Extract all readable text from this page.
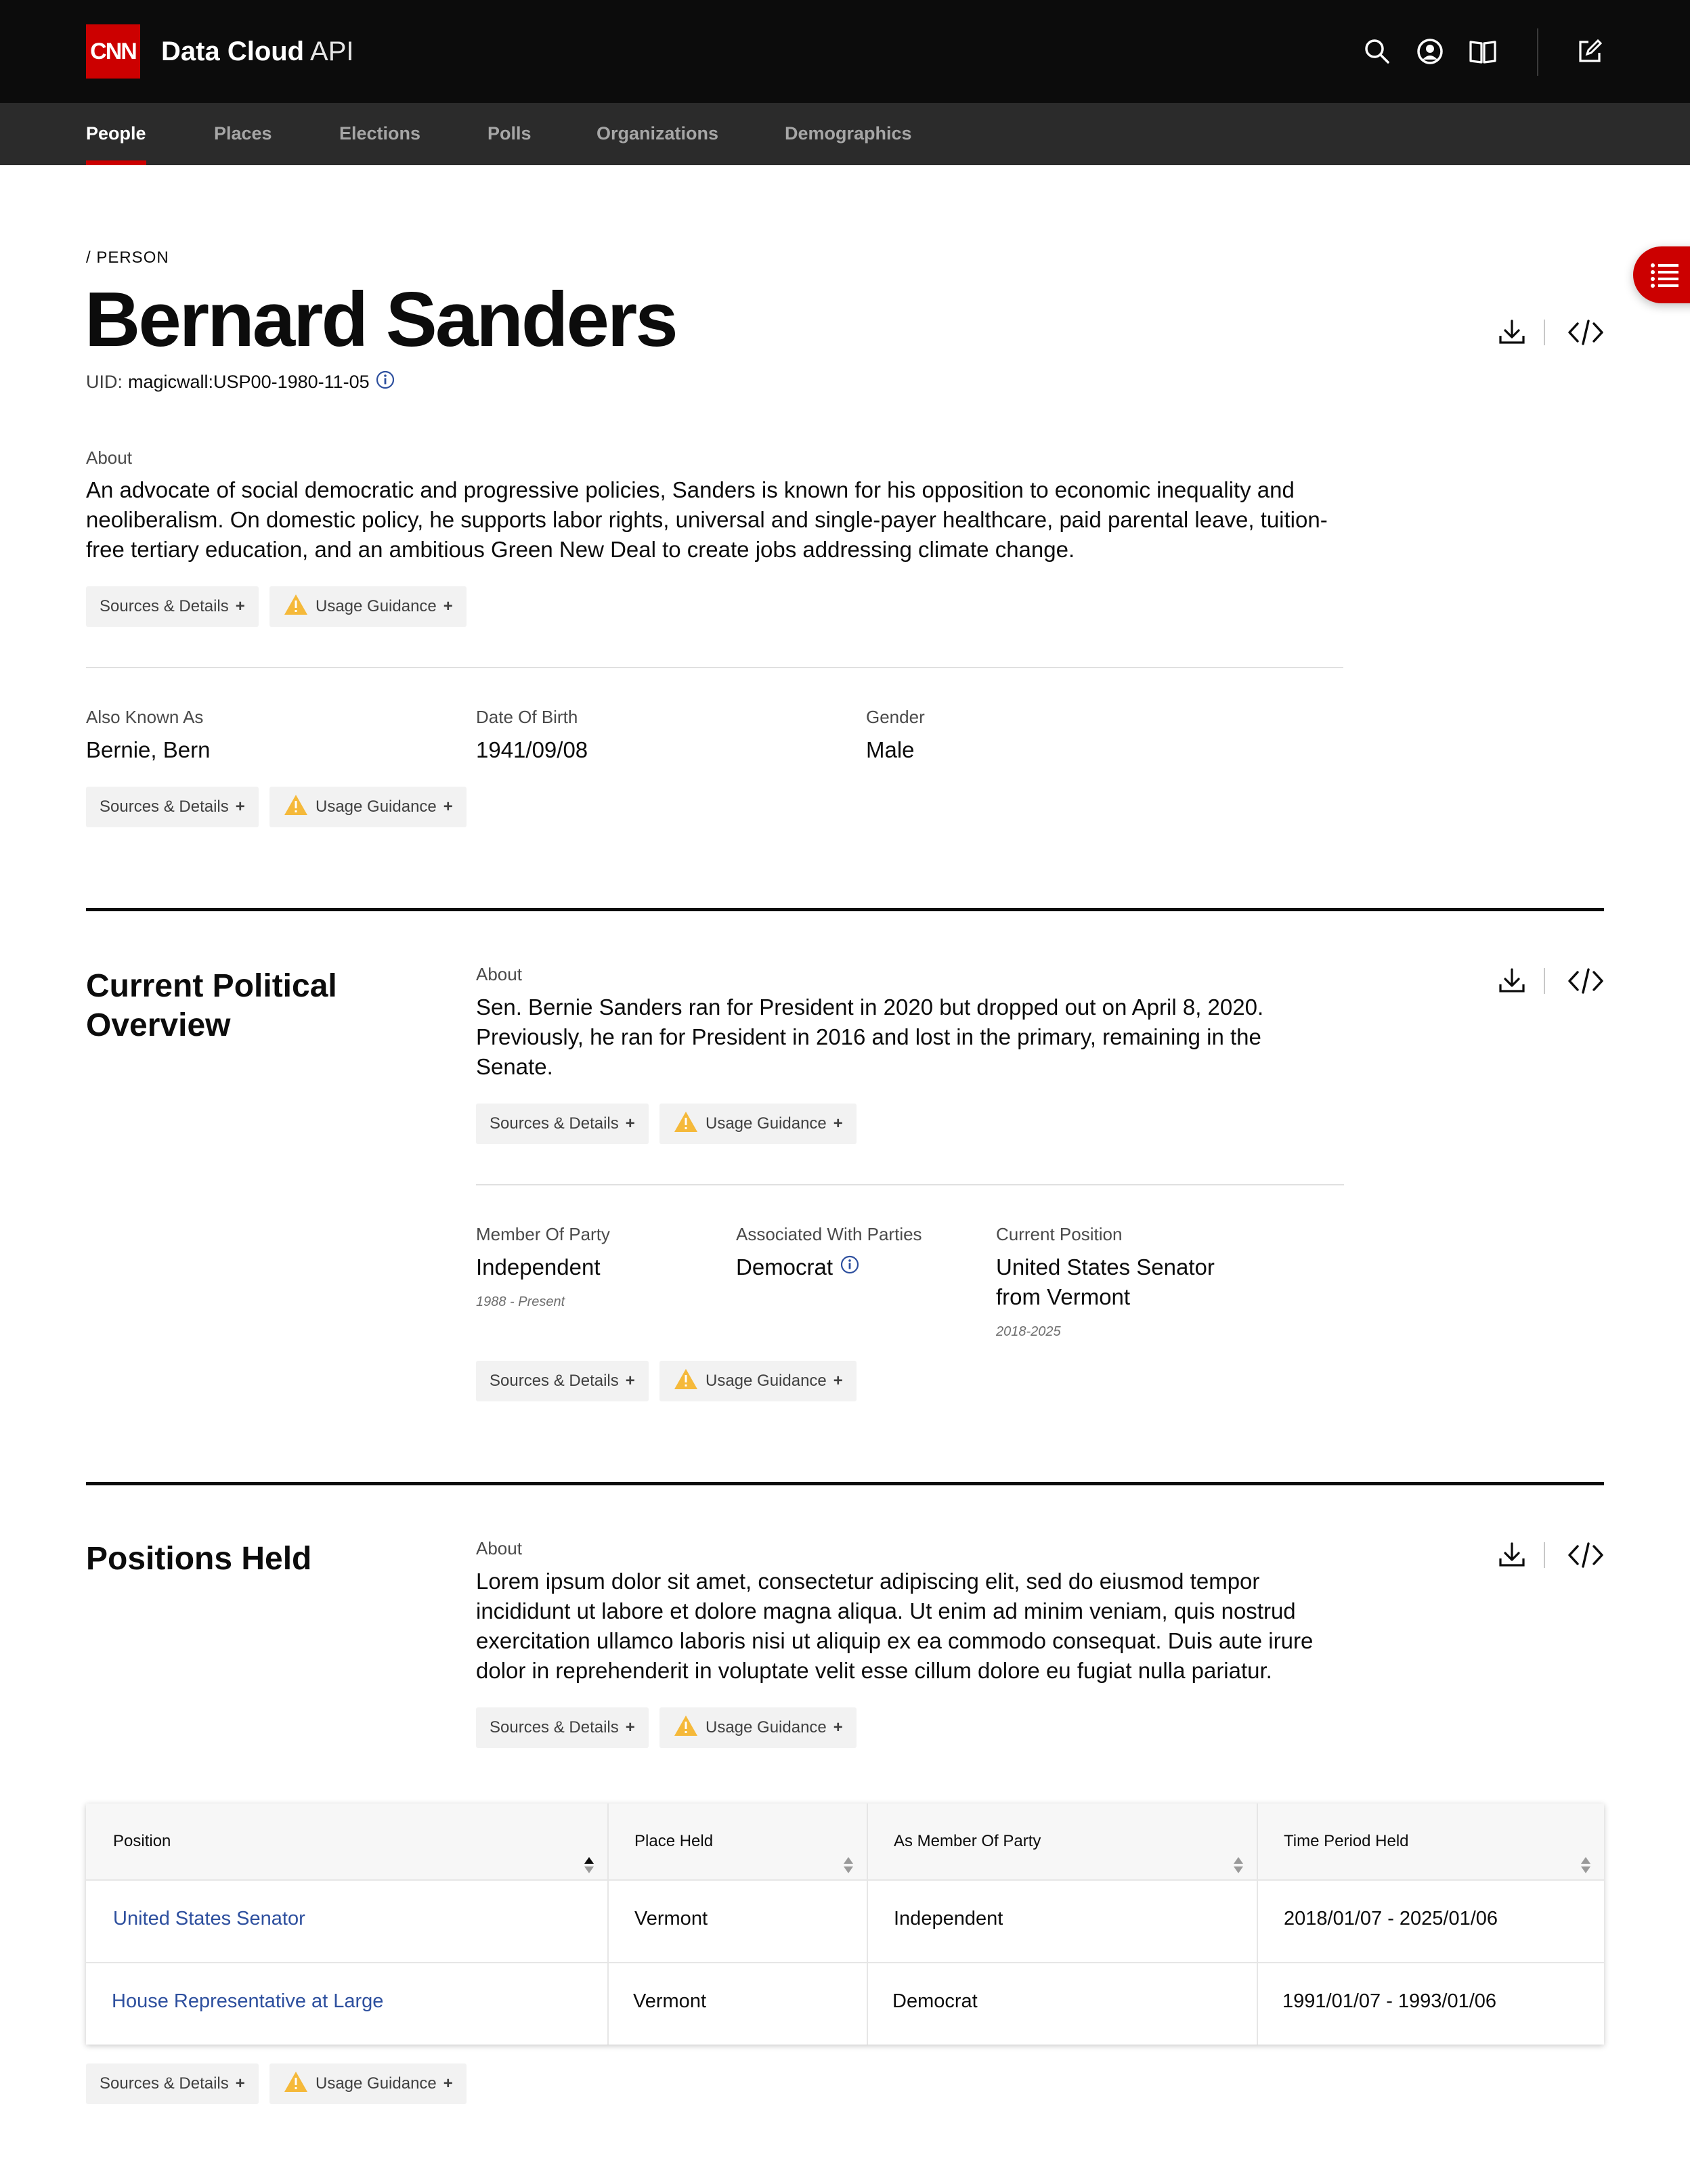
CNN Data Cloud API
People	Places	Elections	Polls	Organizations	Demographics
/ PERSON
Bernard Sanders
UID: magicwall:USP00-1980-11-05
About

An advocate of social democratic and progressive policies, Sanders is known for his opposition to economic inequality and neoliberalism. On domestic policy, he supports labor rights, universal and single-payer healthcare, paid parental leave, tuition-free tertiary education, and an ambitious Green New Deal to create jobs addressing climate change.

Sources & Details +	Usage Guidance +
Also Known As
Bernie, Bern
Date Of Birth
1941/09/08
Gender
Male
Sources & Details +	Usage Guidance +
Current Political Overview
About

Sen. Bernie Sanders ran for President in 2020 but dropped out on April 8, 2020. Previously, he ran for President in 2016 and lost in the primary, remaining in the Senate.

Sources & Details +	Usage Guidance +
Member Of Party
Independent
1988 - Present
Associated With Parties
Democrat
Current Position
United States Senator from Vermont
2018-2025
Sources & Details +	Usage Guidance +
Positions Held	About

Lorem ipsum dolor sit amet, consectetur adipiscing elit, sed do eiusmod tempor incididunt ut labore et dolore magna aliqua. Ut enim ad minim veniam, quis nostrud exercitation ullamco laboris nisi ut aliquip ex ea commodo consequat. Duis aute irure dolor in reprehenderit in voluptate velit esse cillum dolore eu fugiat nulla pariatur.

Sources & Details +	Usage Guidance +
Position	Place Held	As Member Of Party	Time Period Held
United States Senator	Vermont	Independent	2018/01/07 - 2025/01/06
House Representative at Large	Vermont	Democrat	1991/01/07 - 1993/01/06
Sources & Details +	Usage Guidance +
